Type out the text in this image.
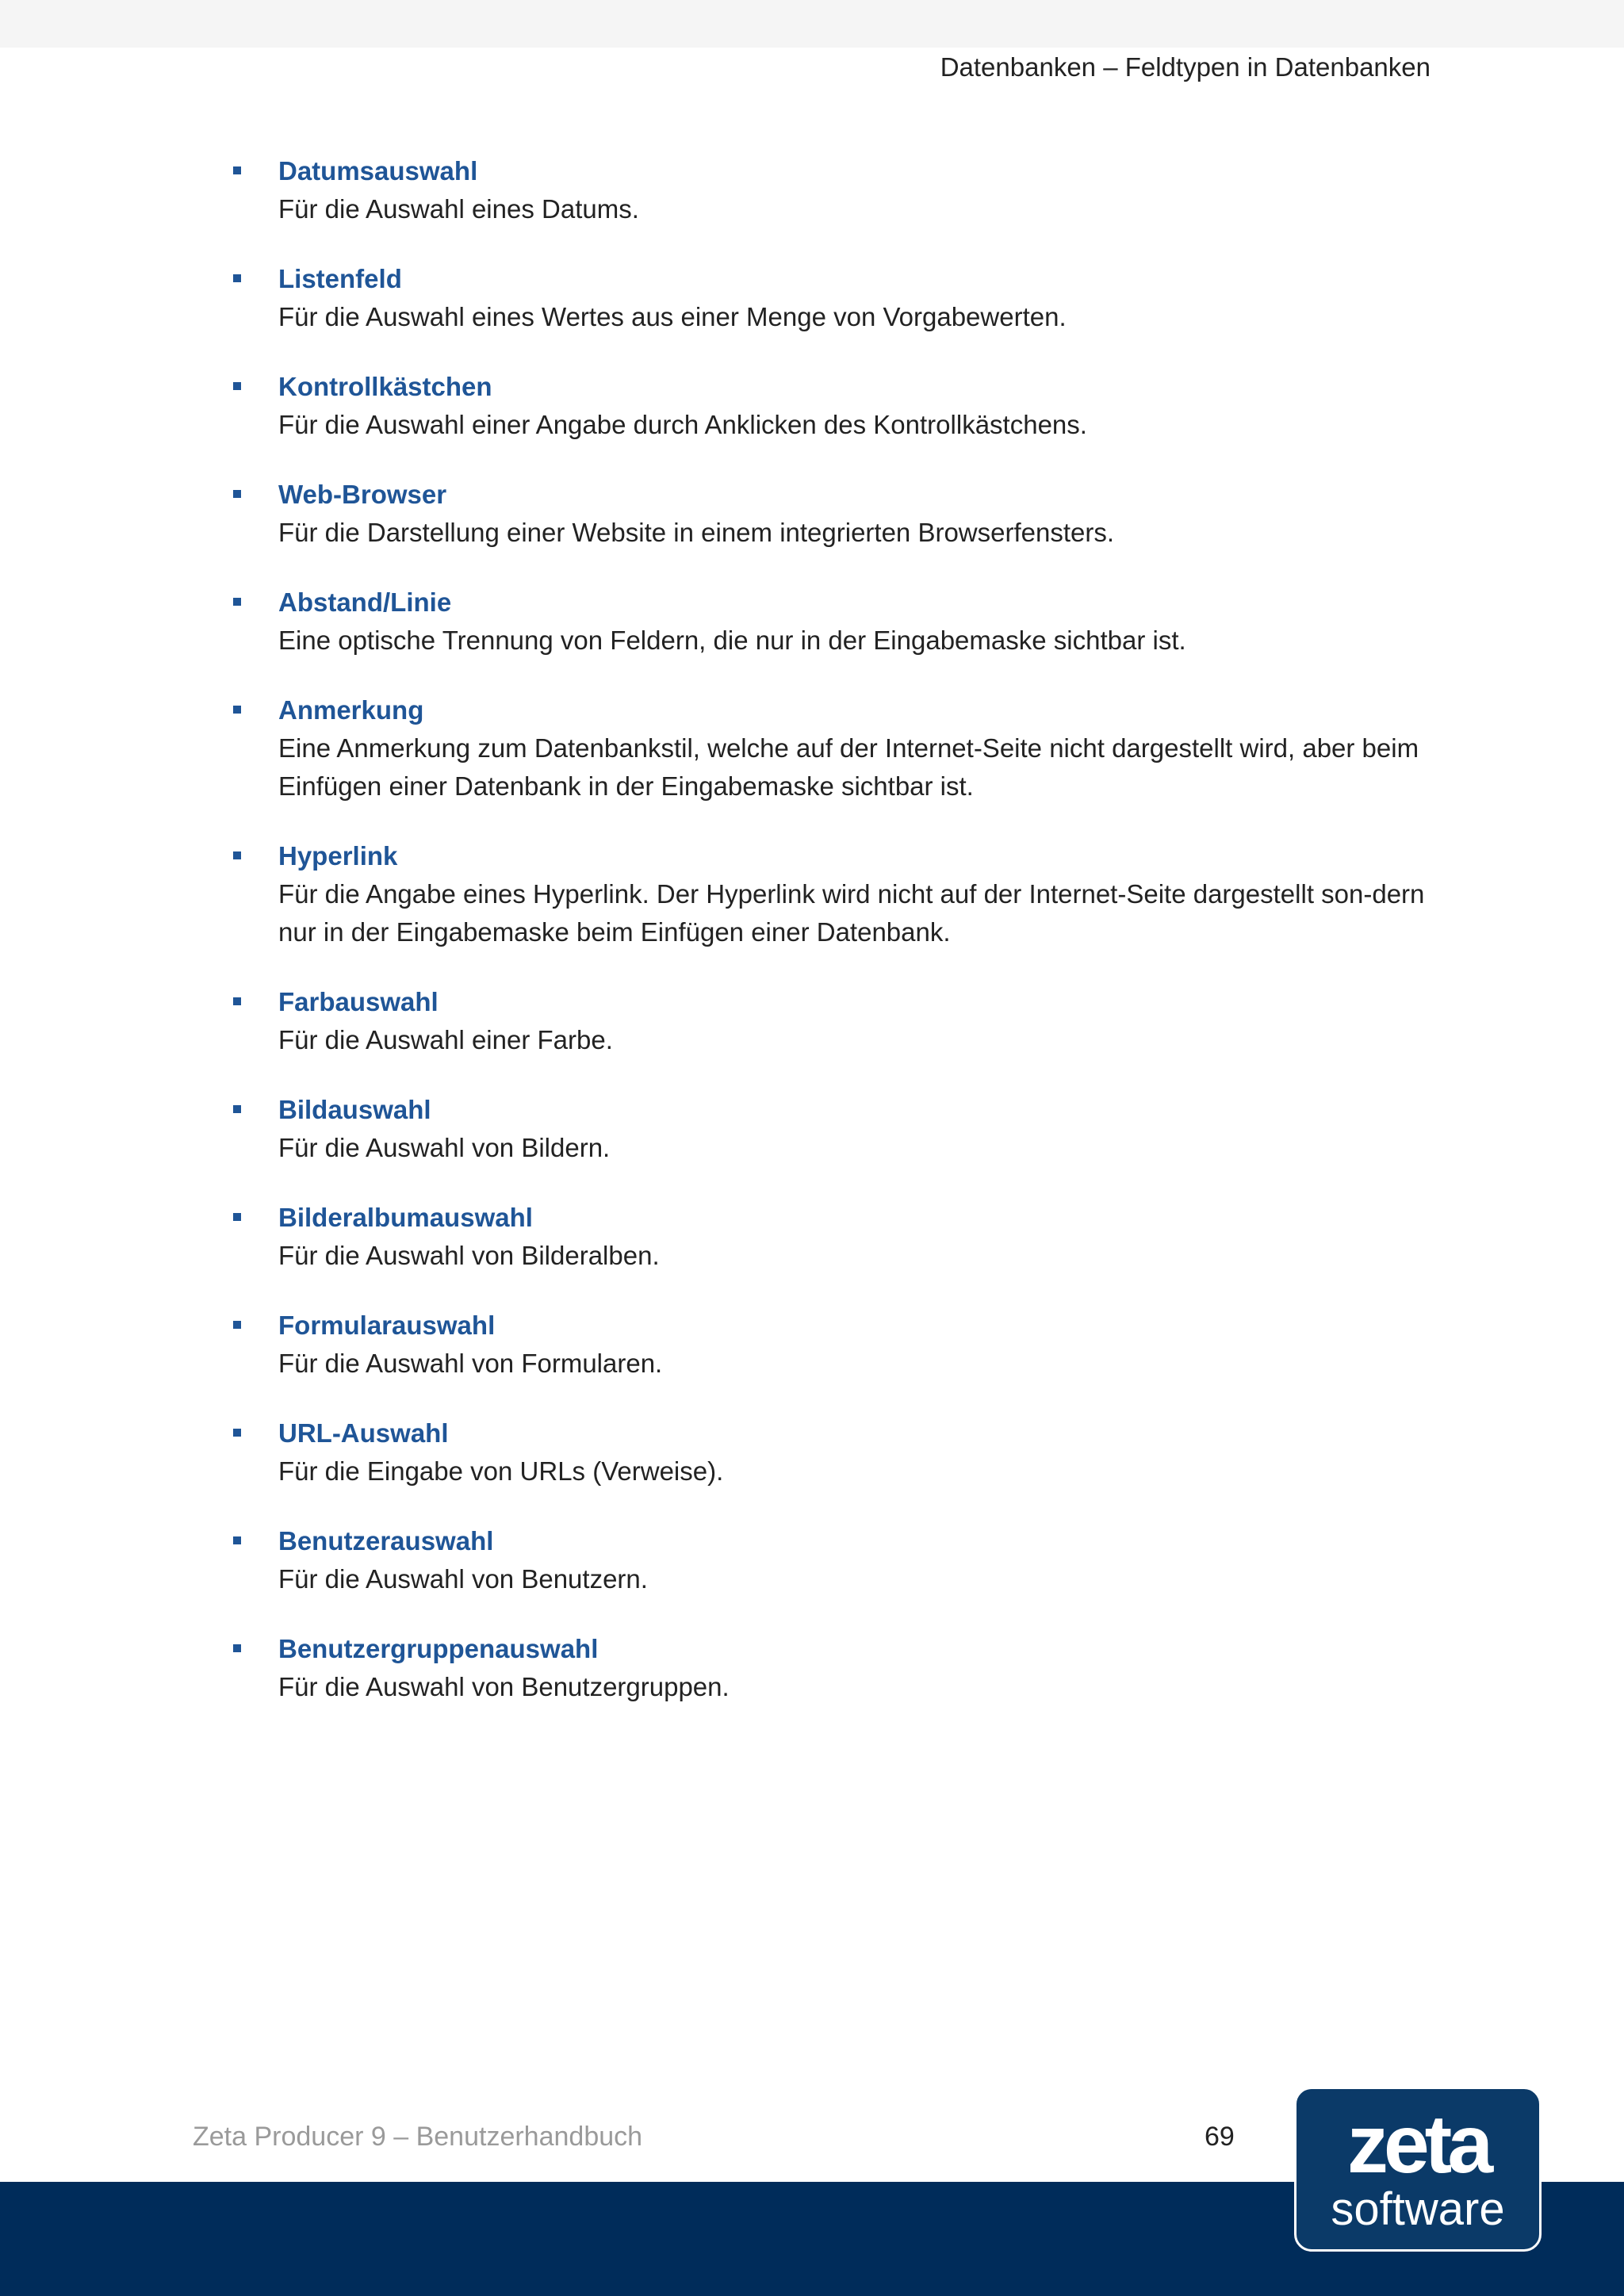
Datenbanken – Feldtypen in Datenbanken
Datumsauswahl
Für die Auswahl eines Datums.
Listenfeld
Für die Auswahl eines Wertes aus einer Menge von Vorgabewerten.
Kontrollkästchen
Für die Auswahl einer Angabe durch Anklicken des Kontrollkästchens.
Web-Browser
Für die Darstellung einer Website in einem integrierten Browserfensters.
Abstand/Linie
Eine optische Trennung von Feldern, die nur in der Eingabemaske sichtbar ist.
Anmerkung
Eine Anmerkung zum Datenbankstil, welche auf der Internet-Seite nicht dargestellt wird, aber beim Einfügen einer Datenbank in der Eingabemaske sichtbar ist.
Hyperlink
Für die Angabe eines Hyperlink. Der Hyperlink wird nicht auf der Internet-Seite dargestellt son-dern nur in der Eingabemaske beim Einfügen einer Datenbank.
Farbauswahl
Für die Auswahl einer Farbe.
Bildauswahl
Für die Auswahl von Bildern.
Bilderalbumauswahl
Für die Auswahl von Bilderalben.
Formularauswahl
Für die Auswahl von Formularen.
URL-Auswahl
Für die Eingabe von URLs (Verweise).
Benutzerauswahl
Für die Auswahl von Benutzern.
Benutzergruppenauswahl
Für die Auswahl von Benutzergruppen.
Zeta Producer 9 – Benutzerhandbuch	69	zeta
software
